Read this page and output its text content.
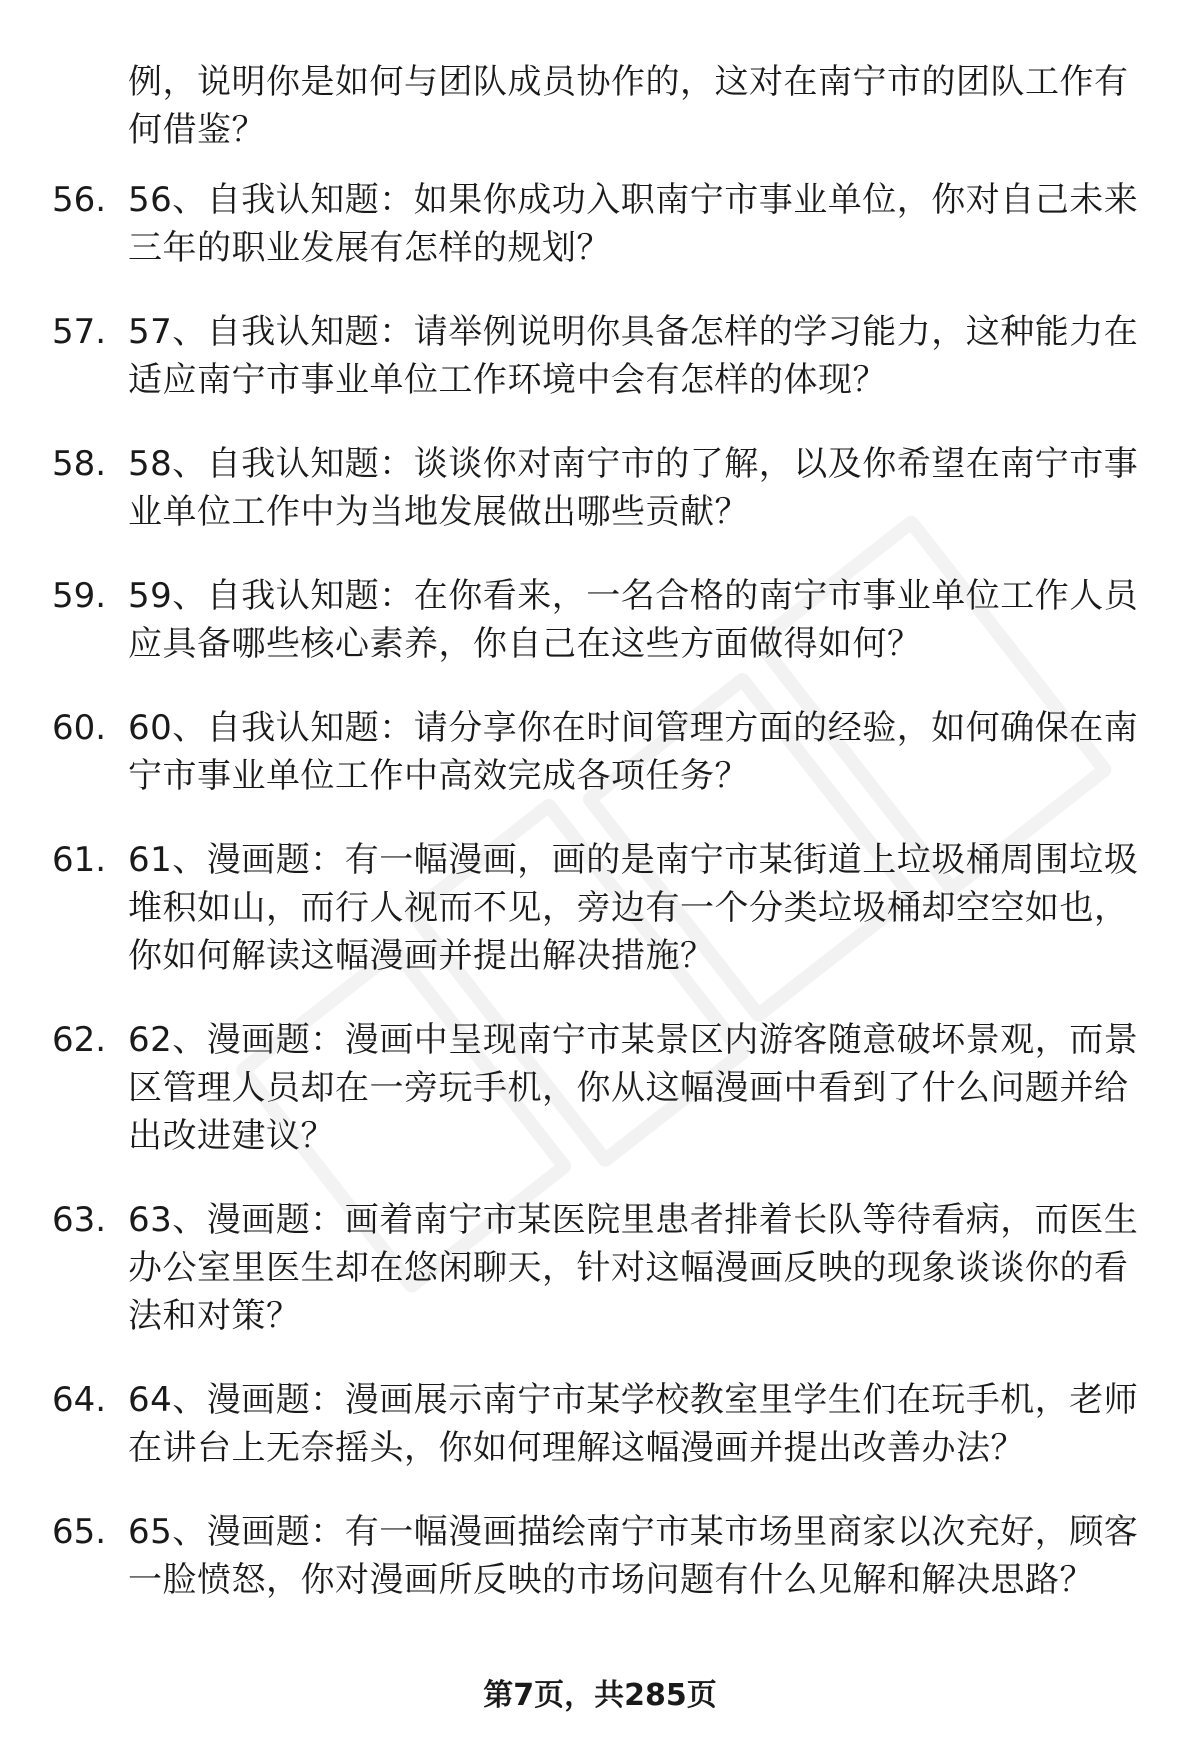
例，说明你是如何与团队成员协作的，这对在南宁市的团队工作有何借鉴？

56. 56、自我认知题：如果你成功入职南宁市事业单位，你对自己未来三年的职业发展有怎样的规划？
57. 57、自我认知题：请举例说明你具备怎样的学习能力，这种能力在适应南宁市事业单位工作环境中会有怎样的体现？
58. 58、自我认知题：谈谈你对南宁市的了解，以及你希望在南宁市事业单位工作中为当地发展做出哪些贡献？
59. 59、自我认知题：在你看来，一名合格的南宁市事业单位工作人员应具备哪些核心素养，你自己在这些方面做得如何？
60. 60、自我认知题：请分享你在时间管理方面的经验，如何确保在南宁市事业单位工作中高效完成各项任务？
61. 61、漫画题：有一幅漫画，画的是南宁市某街道上垃圾桶周围垃圾堆积如山，而行人视而不见，旁边有一个分类垃圾桶却空空如也，你如何解读这幅漫画并提出解决措施？
62. 62、漫画题：漫画中呈现南宁市某景区内游客随意破坏景观，而景区管理人员却在一旁玩手机，你从这幅漫画中看到了什么问题并给出改进建议？
63. 63、漫画题：画着南宁市某医院里患者排着长队等待看病，而医生办公室里医生却在悠闲聊天，针对这幅漫画反映的现象谈谈你的看法和对策？
64. 64、漫画题：漫画展示南宁市某学校教室里学生们在玩手机，老师在讲台上无奈摇头，你如何理解这幅漫画并提出改善办法？
65. 65、漫画题：有一幅漫画描绘南宁市某市场里商家以次充好，顾客一脸愤怒，你对漫画所反映的市场问题有什么见解和解决思路？
第7页，共285页
